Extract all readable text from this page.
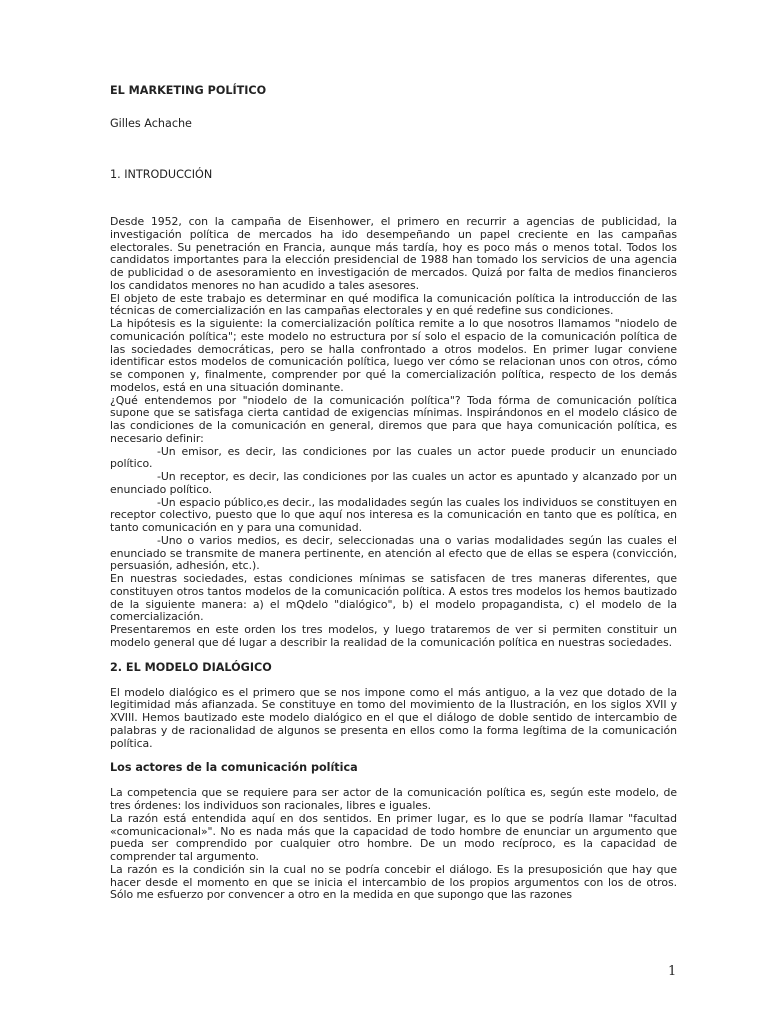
EL MARKETING POLÍTICO

Gilles Achache

1. INTRODUCCIÓN

Desde 1952, con la campaña de Eisenhower, el primero en recurrir a agencias de publicidad, la investigación política de mercados ha ido desempeñando un papel creciente en las campañas electorales. Su penetración en Francia, aunque más tardía, hoy es poco más o menos total. Todos los candidatos importantes para la elección presidencial de 1988 han tomado los servicios de una agencia de publicidad o de asesoramiento en investigación de mercados. Quizá por falta de medios financieros los candidatos menores no han acudido a tales asesores.

El objeto de este trabajo es determinar en qué modifica la comunicación política la introducción de las técnicas de comercialización en las campañas electorales y en qué redefine sus condiciones.

La hipótesis es la siguiente: la comercialización política remite a lo que nosotros llamamos "niodelo de comunicación política"; este modelo no estructura por sí solo el espacio de la comunicación política de las sociedades democráticas, pero se halla confrontado a otros modelos. En primer lugar conviene identificar estos modelos de comunicación política, luego ver cómo se relacionan unos con otros, cómo se componen y, finalmente, comprender por qué la comercialización política, respecto de los demás modelos, está en una situación dominante.

¿Qué entendemos por "niodelo de la comunicación política"? Toda fórma de comunicación política supone que se satisfaga cierta cantidad de exigencias mínimas. Inspirándonos en el modelo clásico de las condiciones de la comunicación en general, diremos que para que haya comunicación política, es necesario definir:

-Un emisor, es decir, las condiciones por las cuales un actor puede producir un enunciado político.

-Un receptor, es decir, las condiciones por las cuales un actor es apuntado y alcanzado por un enunciado político.

-Un espacio público,es decir., las modalidades según las cuales los individuos se constituyen en receptor colectivo, puesto que lo que aquí nos interesa es la comunicación en tanto que es política, en tanto comunicación en y para una comunidad.

-Uno o varios medios, es decir, seleccionadas una o varias modalidades según las cuales el enunciado se transmite de manera pertinente, en atención al efecto que de ellas se espera (convicción, persuasión, adhesión, etc.).

En nuestras sociedades, estas condiciones mínimas se satisfacen de tres maneras diferentes, que constituyen otros tantos modelos de la comunicación política. A estos tres modelos los hemos bautizado de la siguiente manera: a) el mQdelo "dialógico", b) el modelo propagandista, c) el modelo de la comercialización.

Presentaremos en este orden los tres modelos, y luego trataremos de ver si permiten constituir un modelo general que dé lugar a describir la realidad de la comunicación política en nuestras sociedades.

2. EL MODELO DIALÓGICO

El modelo dialógico es el primero que se nos impone como el más antiguo, a la vez que dotado de la legitimidad más afianzada. Se constituye en tomo del movimiento de la Ilustración, en los siglos XVII y XVIII. Hemos bautizado este modelo dialógico en el que el diálogo de doble sentido de intercambio de palabras y de racionalidad de algunos se presenta en ellos como la forma legítima de la comunicación política.

Los actores de la comunicación política

La competencia que se requiere para ser actor de la comunicación política es, según este modelo, de tres órdenes: los individuos son racionales, libres e iguales.

La razón está entendida aquí en dos sentidos. En primer lugar, es lo que se podría llamar "facultad «comunicacional»". No es nada más que la capacidad de todo hombre de enunciar un argumento que pueda ser comprendido por cualquier otro hombre. De un modo recíproco, es la capacidad de comprender tal argumento.

La razón es la condición sin la cual no se podría concebir el diálogo. Es la presuposición que hay que hacer desde el momento en que se inicia el intercambio de los propios argumentos con los de otros. Sólo me esfuerzo por convencer a otro en la medida en que supongo que las razones

1
